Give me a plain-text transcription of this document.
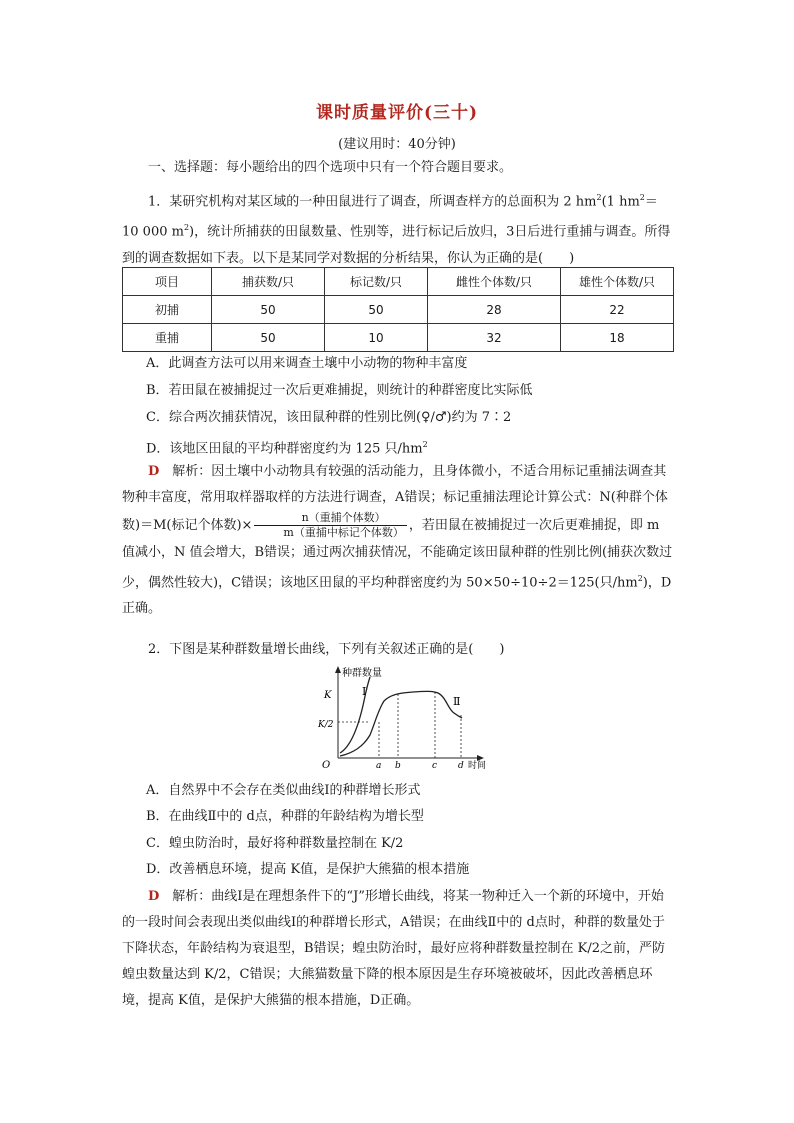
课时质量评价(三十)
(建议用时：40分钟)

一、选择题：每小题给出的四个选项中只有一个符合题目要求。

1．某研究机构对某区域的一种田鼠进行了调查，所调查样方的总面积为 2 $hm^2(1$ $hm^2=10$ 000 $m^2$)，统计所捕获的田鼠数量、性别等，进行标记后放归，3日后进行重捕与调查。所得到的调查数据如下表。以下是某同学对数据的分析结果，你认为正确的是(　　)

项目	捕获数/只	标记数/只	雌性个体数/只	雄性个体数/只
初捕	50	50	28	22
重捕	50	10	32	18
A．此调查方法可以用来调查土壤中小动物的物种丰富度
B．若田鼠在被捕捉过一次后更难捕捉，则统计的种群密度比实际低
C．综合两次捕获情况，该田鼠种群的性别比例(♀/♂)约为 7∶2
D．该地区田鼠的平均种群密度约为 125 只$/hm^2$

D　解析：因土壤中小动物具有较强的活动能力，且身体微小，不适合用标记重捕法调查其物种丰富度，常用取样器取样的方法进行调查，A错误；标记重捕法理论计算公式：N(种群个体数)＝M(标记个体数)× $\frac{\text{n（重捕个体数）}}{\text{m（重捕中标记个体数）}}$ ，若田鼠在被捕捉过一次后更难捕捉，即 m 值减小，N 值会增大，B错误；通过两次捕获情况，不能确定该田鼠种群的性别比例(捕获次数过少，偶然性较大)，C错误；该地区田鼠的平均种群密度约为 50×50÷10÷2＝125(只$/hm^2$)，D正确。

2．下图是某种群数量增长曲线，下列有关叙述正确的是(　　)

种群数量
时间
O
K
K/2
Ⅰ
Ⅱ
a b	c d
A．自然界中不会存在类似曲线Ⅰ的种群增长形式
B．在曲线Ⅱ中的 d点，种群的年龄结构为增长型
C．蝗虫防治时，最好将种群数量控制在 K/2
D．改善栖息环境，提高 K值，是保护大熊猫的根本措施

D　解析：曲线Ⅰ是在理想条件下的“J”形增长曲线，将某一物种迁入一个新的环境中，开始的一段时间会表现出类似曲线Ⅰ的种群增长形式，A错误；在曲线Ⅱ中的 d点时，种群的数量处于下降状态，年龄结构为衰退型，B错误；蝗虫防治时，最好应将种群数量控制在 K/2之前，严防蝗虫数量达到 K/2，C错误；大熊猫数量下降的根本原因是生存环境被破坏，因此改善栖息环境，提高 K值，是保护大熊猫的根本措施，D正确。
